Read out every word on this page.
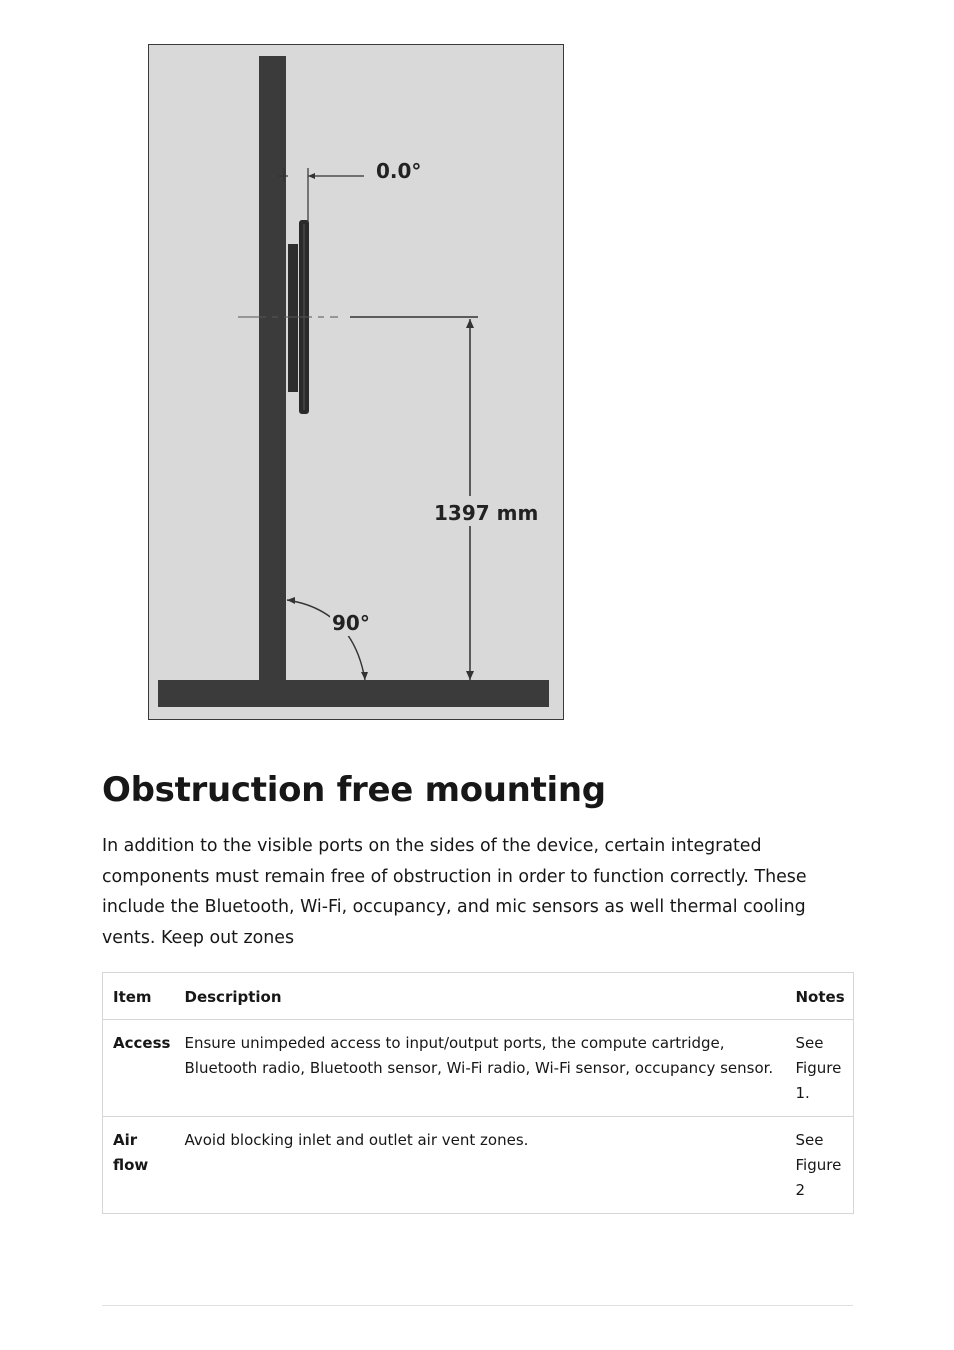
0.0°
1397 mm
90°
Obstruction free mounting

In addition to the visible ports on the sides of the device, certain integrated components must remain free of obstruction in order to function correctly. These include the Bluetooth, Wi-Fi, occupancy, and mic sensors as well thermal cooling vents. Keep out zones

Item	Description	Notes
Access	Ensure unimpeded access to input/output ports, the compute cartridge, Bluetooth radio, Bluetooth sensor, Wi-Fi radio, Wi-Fi sensor, occupancy sensor.	See Figure 1.
Air flow	Avoid blocking inlet and outlet air vent zones.	See Figure 2
